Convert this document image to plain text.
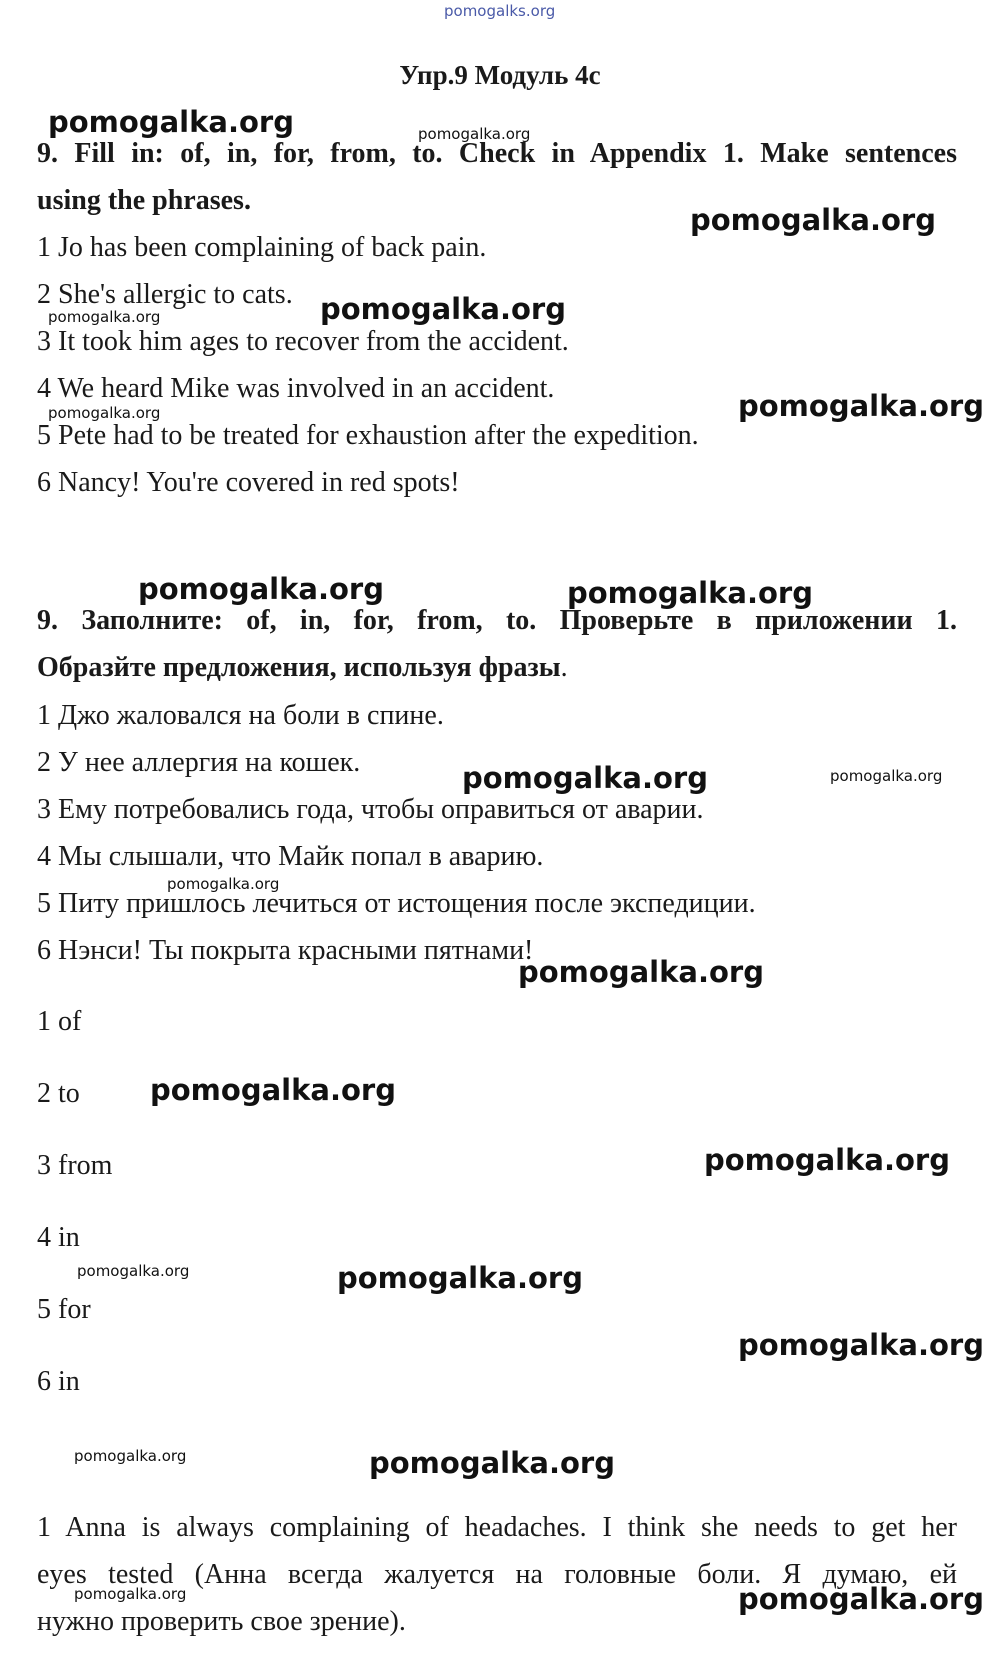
pomogalks.org
Упр.9 Модуль 4c
9. Fill in: of, in, for, from, to. Check in Appendix 1. Make sentences
using the phrases.
1 Jo has been complaining of back pain.
2 She's allergic to cats.
3 It took him ages to recover from the accident.
4 We heard Mike was involved in an accident.
5 Pete had to be treated for exhaustion after the expedition.
6 Nancy! You're covered in red spots!
9. Заполните: of, in, for, from, to. Проверьте в приложении 1.
Образйте предложения, используя фразы.
1 Джо жаловался на боли в спине.
2 У нее аллергия на кошек.
3 Ему потребовались года, чтобы оправиться от аварии.
4 Мы слышали, что Майк попал в аварию.
5 Питу пришлось лечиться от истощения после экспедиции.
6 Нэнси! Ты покрыта красными пятнами!
1 of
2 to
3 from
4 in
5 for
6 in
1 Anna is always complaining of headaches. I think she needs to get her
eyes tested (Анна всегда жалуется на головные боли. Я думаю, ей
нужно проверить свое зрение).
pomogalka.org	pomogalka.org
pomogalka.org
pomogalka.org	pomogalka.org
pomogalka.org	pomogalka.org
pomogalka.org	pomogalka.org
pomogalka.org	pomogalka.org
pomogalka.org
pomogalka.org
pomogalka.org
pomogalka.org
pomogalka.org	pomogalka.org
pomogalka.org
pomogalka.org	pomogalka.org
pomogalka.org	pomogalka.org
